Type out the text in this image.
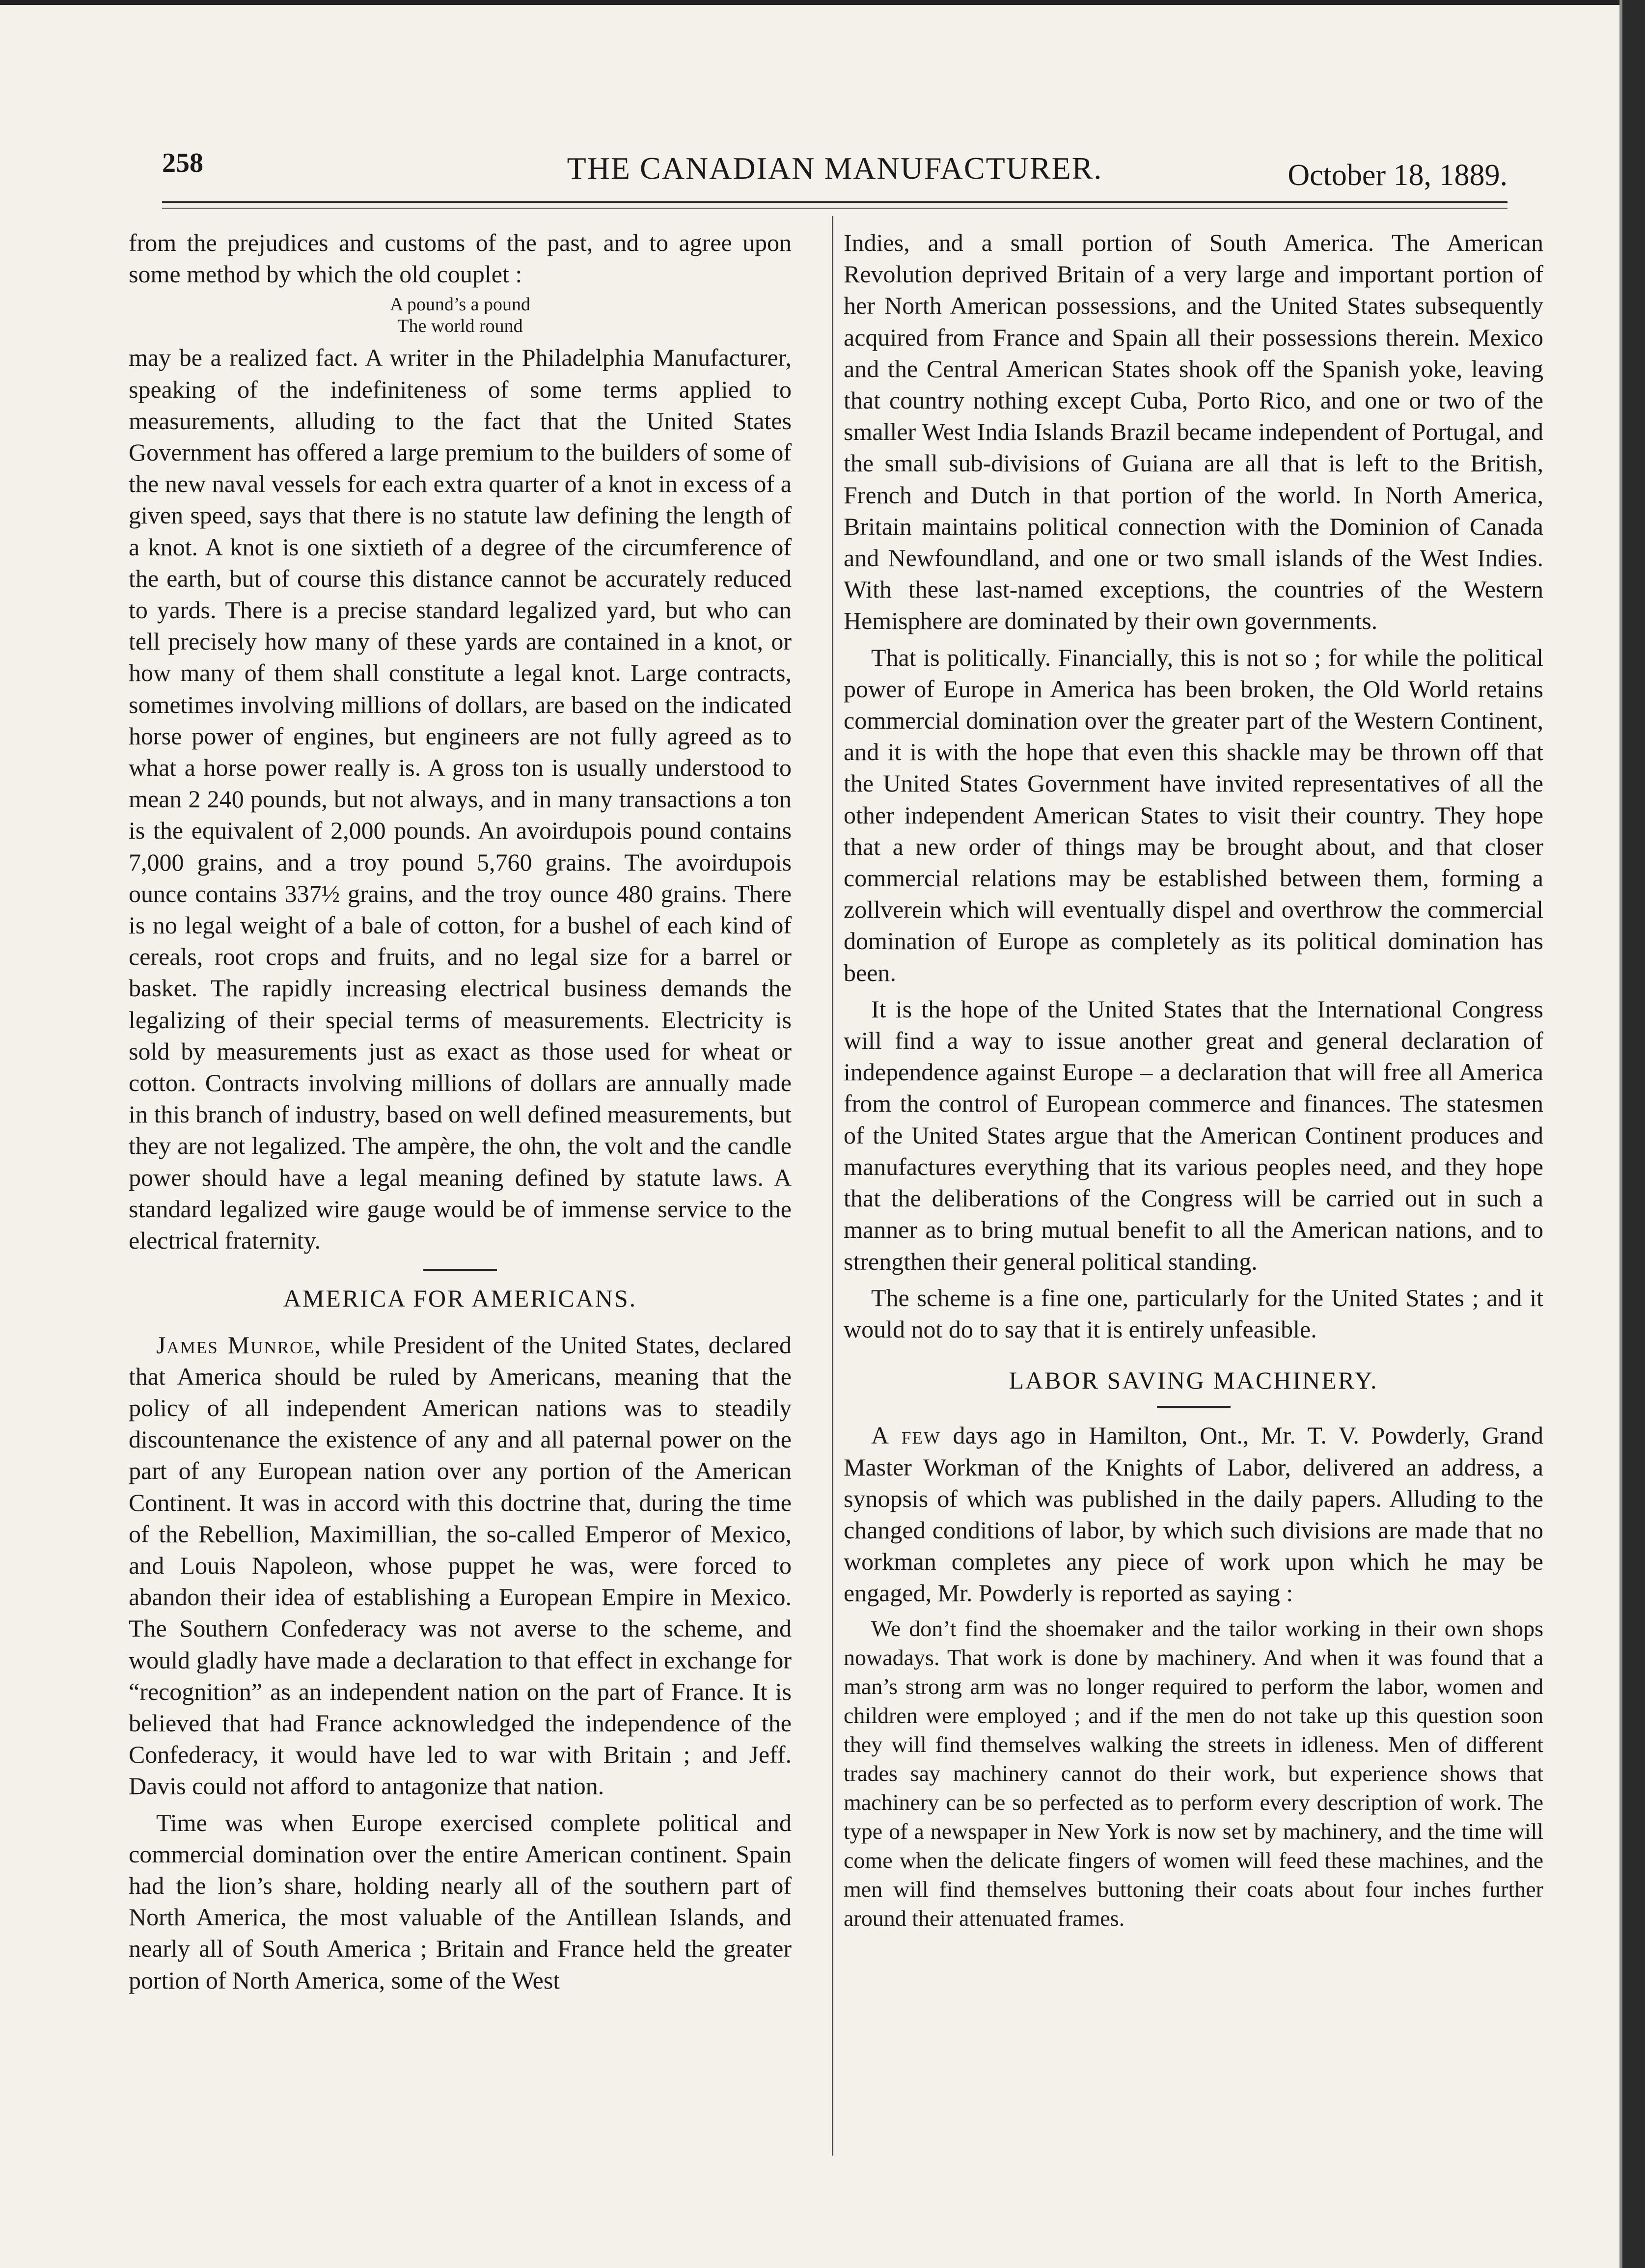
258	THE CANADIAN MANUFACTURER.	October 18, 1889.

from the prejudices and customs of the past, and to agree upon some method by which the old couplet :

A pound’s a pound
The world round

may be a realized fact. A writer in the Philadelphia Manufacturer, speaking of the indefiniteness of some terms applied to measurements, alluding to the fact that the United States Government has offered a large premium to the builders of some of the new naval vessels for each extra quarter of a knot in excess of a given speed, says that there is no statute law defining the length of a knot. A knot is one sixtieth of a degree of the circumference of the earth, but of course this distance cannot be accurately reduced to yards. There is a precise standard legalized yard, but who can tell precisely how many of these yards are contained in a knot, or how many of them shall constitute a legal knot. Large contracts, sometimes involving millions of dollars, are based on the indicated horse power of engines, but engineers are not fully agreed as to what a horse power really is. A gross ton is usually understood to mean 2 240 pounds, but not always, and in many transactions a ton is the equivalent of 2,000 pounds. An avoirdupois pound contains 7,000 grains, and a troy pound 5,760 grains. The avoirdupois ounce contains 337½ grains, and the troy ounce 480 grains. There is no legal weight of a bale of cotton, for a bushel of each kind of cereals, root crops and fruits, and no legal size for a barrel or basket. The rapidly increasing electrical business demands the legalizing of their special terms of measurements. Electricity is sold by measurements just as exact as those used for wheat or cotton. Contracts involving millions of dollars are annually made in this branch of industry, based on well defined measurements, but they are not legalized. The ampère, the ohn, the volt and the candle power should have a legal meaning defined by statute laws. A standard legalized wire gauge would be of immense service to the electrical fraternity.

AMERICA FOR AMERICANS.

James Munroe, while President of the United States, declared that America should be ruled by Americans, meaning that the policy of all independent American nations was to steadily discountenance the existence of any and all paternal power on the part of any European nation over any portion of the American Continent. It was in accord with this doctrine that, during the time of the Rebellion, Maximillian, the so-called Emperor of Mexico, and Louis Napoleon, whose puppet he was, were forced to abandon their idea of establishing a European Empire in Mexico. The Southern Confederacy was not averse to the scheme, and would gladly have made a declaration to that effect in exchange for “recognition” as an independent nation on the part of France. It is believed that had France acknowledged the independence of the Confederacy, it would have led to war with Britain ; and Jeff. Davis could not afford to antagonize that nation.

Time was when Europe exercised complete political and commercial domination over the entire American continent. Spain had the lion’s share, holding nearly all of the southern part of North America, the most valuable of the Antillean Islands, and nearly all of South America ; Britain and France held the greater portion of North America, some of the West

Indies, and a small portion of South America. The American Revolution deprived Britain of a very large and important portion of her North American possessions, and the United States subsequently acquired from France and Spain all their possessions therein. Mexico and the Central American States shook off the Spanish yoke, leaving that country nothing except Cuba, Porto Rico, and one or two of the smaller West India Islands Brazil became independent of Portugal, and the small sub-divisions of Guiana are all that is left to the British, French and Dutch in that portion of the world. In North America, Britain maintains political connection with the Dominion of Canada and Newfoundland, and one or two small islands of the West Indies. With these last-named exceptions, the countries of the Western Hemisphere are dominated by their own governments.

That is politically. Financially, this is not so ; for while the political power of Europe in America has been broken, the Old World retains commercial domination over the greater part of the Western Continent, and it is with the hope that even this shackle may be thrown off that the United States Government have invited representatives of all the other independent American States to visit their country. They hope that a new order of things may be brought about, and that closer commercial relations may be established between them, forming a zollverein which will eventually dispel and overthrow the commercial domination of Europe as completely as its political domination has been.

It is the hope of the United States that the International Congress will find a way to issue another great and general declaration of independence against Europe – a declaration that will free all America from the control of European commerce and finances. The statesmen of the United States argue that the American Continent produces and manufactures everything that its various peoples need, and they hope that the deliberations of the Congress will be carried out in such a manner as to bring mutual benefit to all the American nations, and to strengthen their general political standing.

The scheme is a fine one, particularly for the United States ; and it would not do to say that it is entirely unfeasible.

LABOR SAVING MACHINERY.

A few days ago in Hamilton, Ont., Mr. T. V. Powderly, Grand Master Workman of the Knights of Labor, delivered an address, a synopsis of which was published in the daily papers. Alluding to the changed conditions of labor, by which such divisions are made that no workman completes any piece of work upon which he may be engaged, Mr. Powderly is reported as saying :

We don’t find the shoemaker and the tailor working in their own shops nowadays. That work is done by machinery. And when it was found that a man’s strong arm was no longer required to perform the labor, women and children were employed ; and if the men do not take up this question soon they will find themselves walking the streets in idleness. Men of different trades say machinery cannot do their work, but experience shows that machinery can be so perfected as to perform every description of work. The type of a newspaper in New York is now set by machinery, and the time will come when the delicate fingers of women will feed these machines, and the men will find themselves buttoning their coats about four inches further around their attenuated frames.
